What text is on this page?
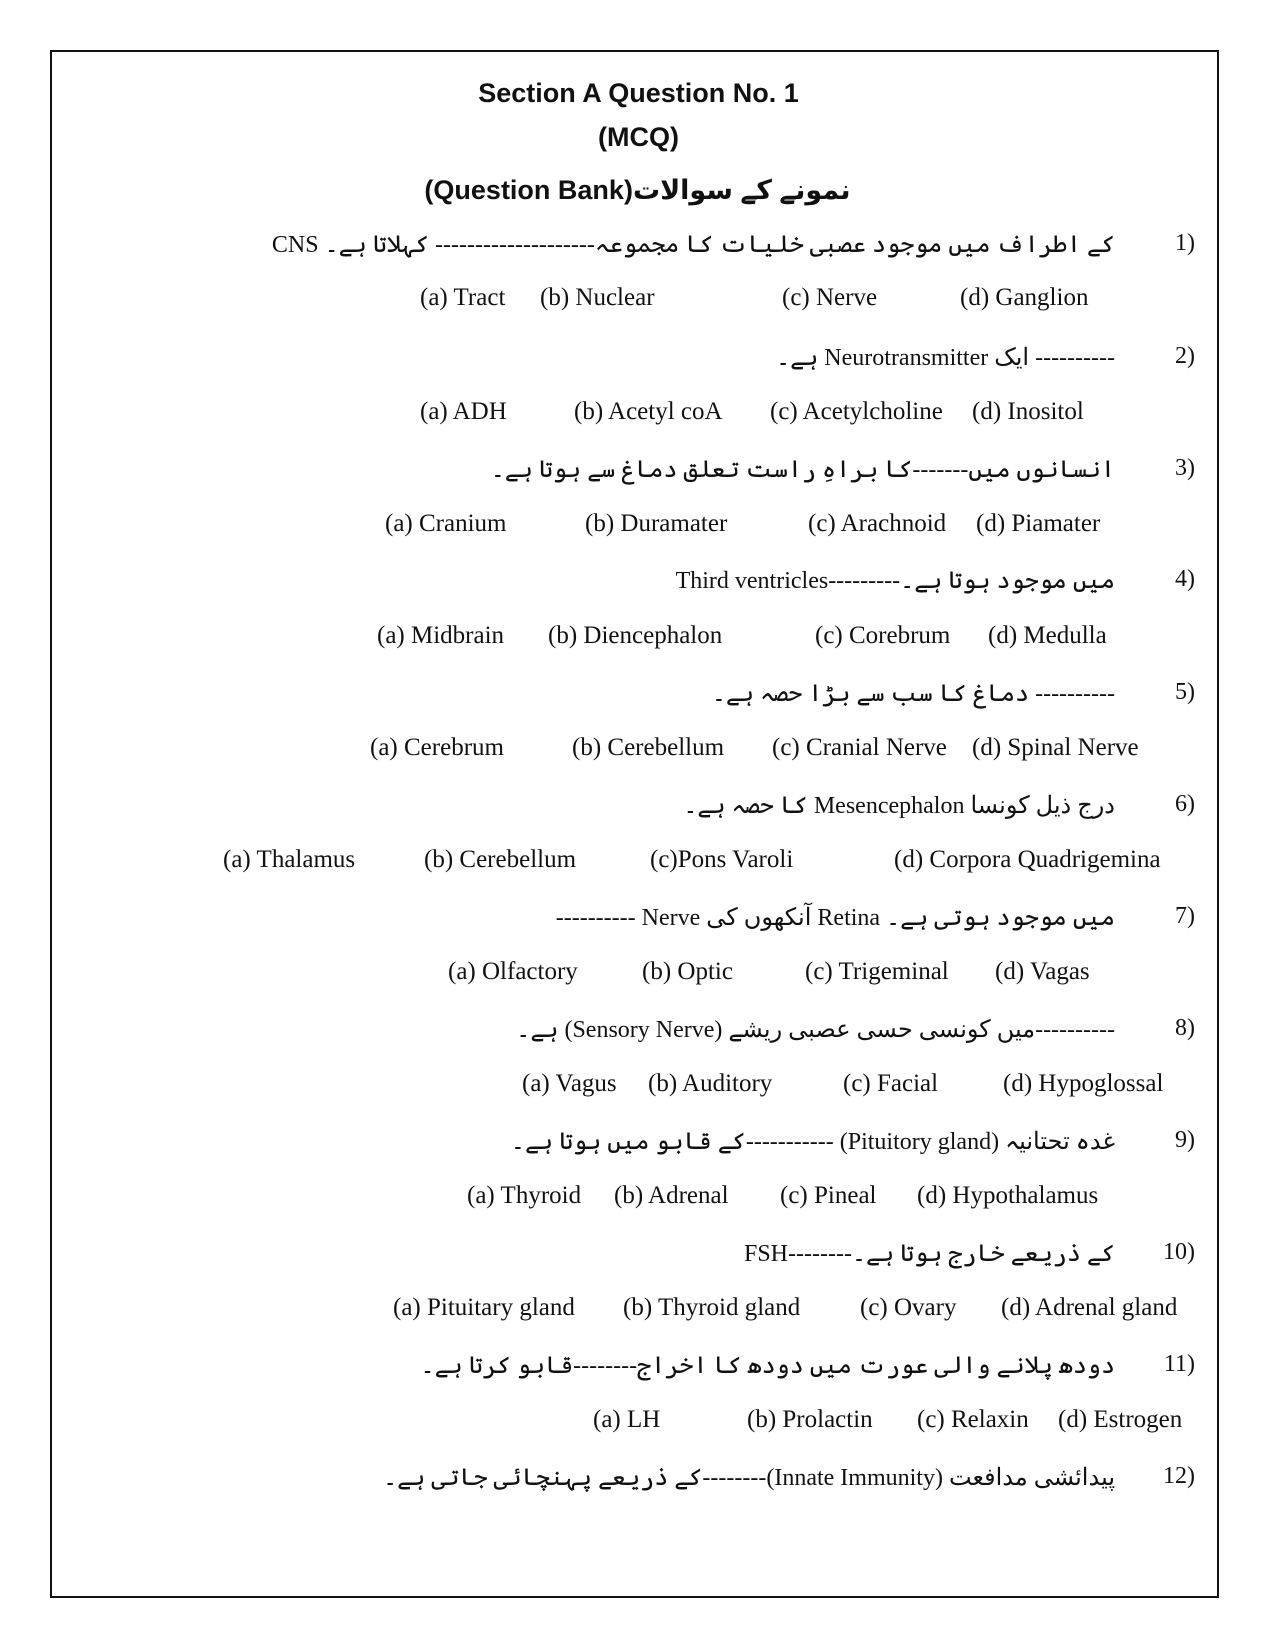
Section A Question No. 1
(MCQ)
(Question Bank)نمونے کے سوالات
1)
CNS کے اطراف میں موجود عصبی خلیات کا مجموعہ-------------------- کہلاتا ہے۔
(a) Tract (b) Nuclear	(c) Nerve	(d) Ganglion
2)
---------- ایک Neurotransmitter ہے۔
(a) ADH	(b) Acetyl coA (c) Acetylcholine (d) Inositol
3)
انسانوں میں-------کا براہِ راست تعلق دماغ سے ہوتا ہے۔
(a) Cranium	(b) Duramater	(c) Arachnoid (d) Piamater
4)
Third ventricles---------میں موجود ہوتا ہے۔
(a) Midbrain (b) Diencephalon	(c) Corebrum (d) Medulla
5)
---------- دماغ کا سب سے بڑا حصہ ہے۔
(a) Cerebrum	(b) Cerebellum (c) Cranial Nerve (d) Spinal Nerve
6)
درج ذیل کونسا Mesencephalon کا حصہ ہے۔
(a) Thalamus	(b) Cerebellum	(c)Pons Varoli	(d) Corpora Quadrigemina
7)
---------- Nerve آنکھوں کی Retina میں موجود ہوتی ہے۔
(a) Olfactory	(b) Optic	(c) Trigeminal (d) Vagas
8)
----------میں کونسی حسی عصبی ریشے (Sensory Nerve) ہے۔
(a) Vagus (b) Auditory	(c) Facial	(d) Hypoglossal
9)
غدہ تحتانیہ (Pituitory gland) -----------کے قابو میں ہوتا ہے۔
(a) Thyroid (b) Adrenal (c) Pineal (d) Hypothalamus
10)
FSH--------کے ذریعے خارج ہوتا ہے۔
(a) Pituitary gland (b) Thyroid gland (c) Ovary (d) Adrenal gland
11)
دودھ پلانے والی عورت میں دودھ کا اخراج--------قابو کرتا ہے۔
(a) LH	(b) Prolactin (c) Relaxin (d) Estrogen
12)
پیدائشی مدافعت (Innate Immunity)--------کے ذریعے پہنچائی جاتی ہے۔
